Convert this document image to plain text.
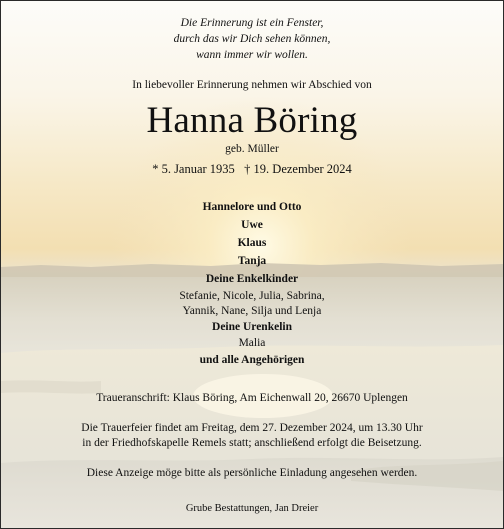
Die Erinnerung ist ein Fenster,
durch das wir Dich sehen können,
wann immer wir wollen.
In liebevoller Erinnerung nehmen wir Abschied von
Hanna Böring
geb. Müller
* 5. Januar 1935   † 19. Dezember 2024
Hannelore und Otto
Uwe
Klaus
Tanja
Deine Enkelkinder
Stefanie, Nicole, Julia, Sabrina,
Yannik, Nane, Silja und Lenja
Deine Urenkelin
Malia
und alle Angehörigen
Traueranschrift: Klaus Böring, Am Eichenwall 20, 26670 Uplengen
Die Trauerfeier findet am Freitag, dem 27. Dezember 2024, um 13.30 Uhr
in der Friedhofskapelle Remels statt; anschließend erfolgt die Beisetzung.
Diese Anzeige möge bitte als persönliche Einladung angesehen werden.
Grube Bestattungen, Jan Dreier
